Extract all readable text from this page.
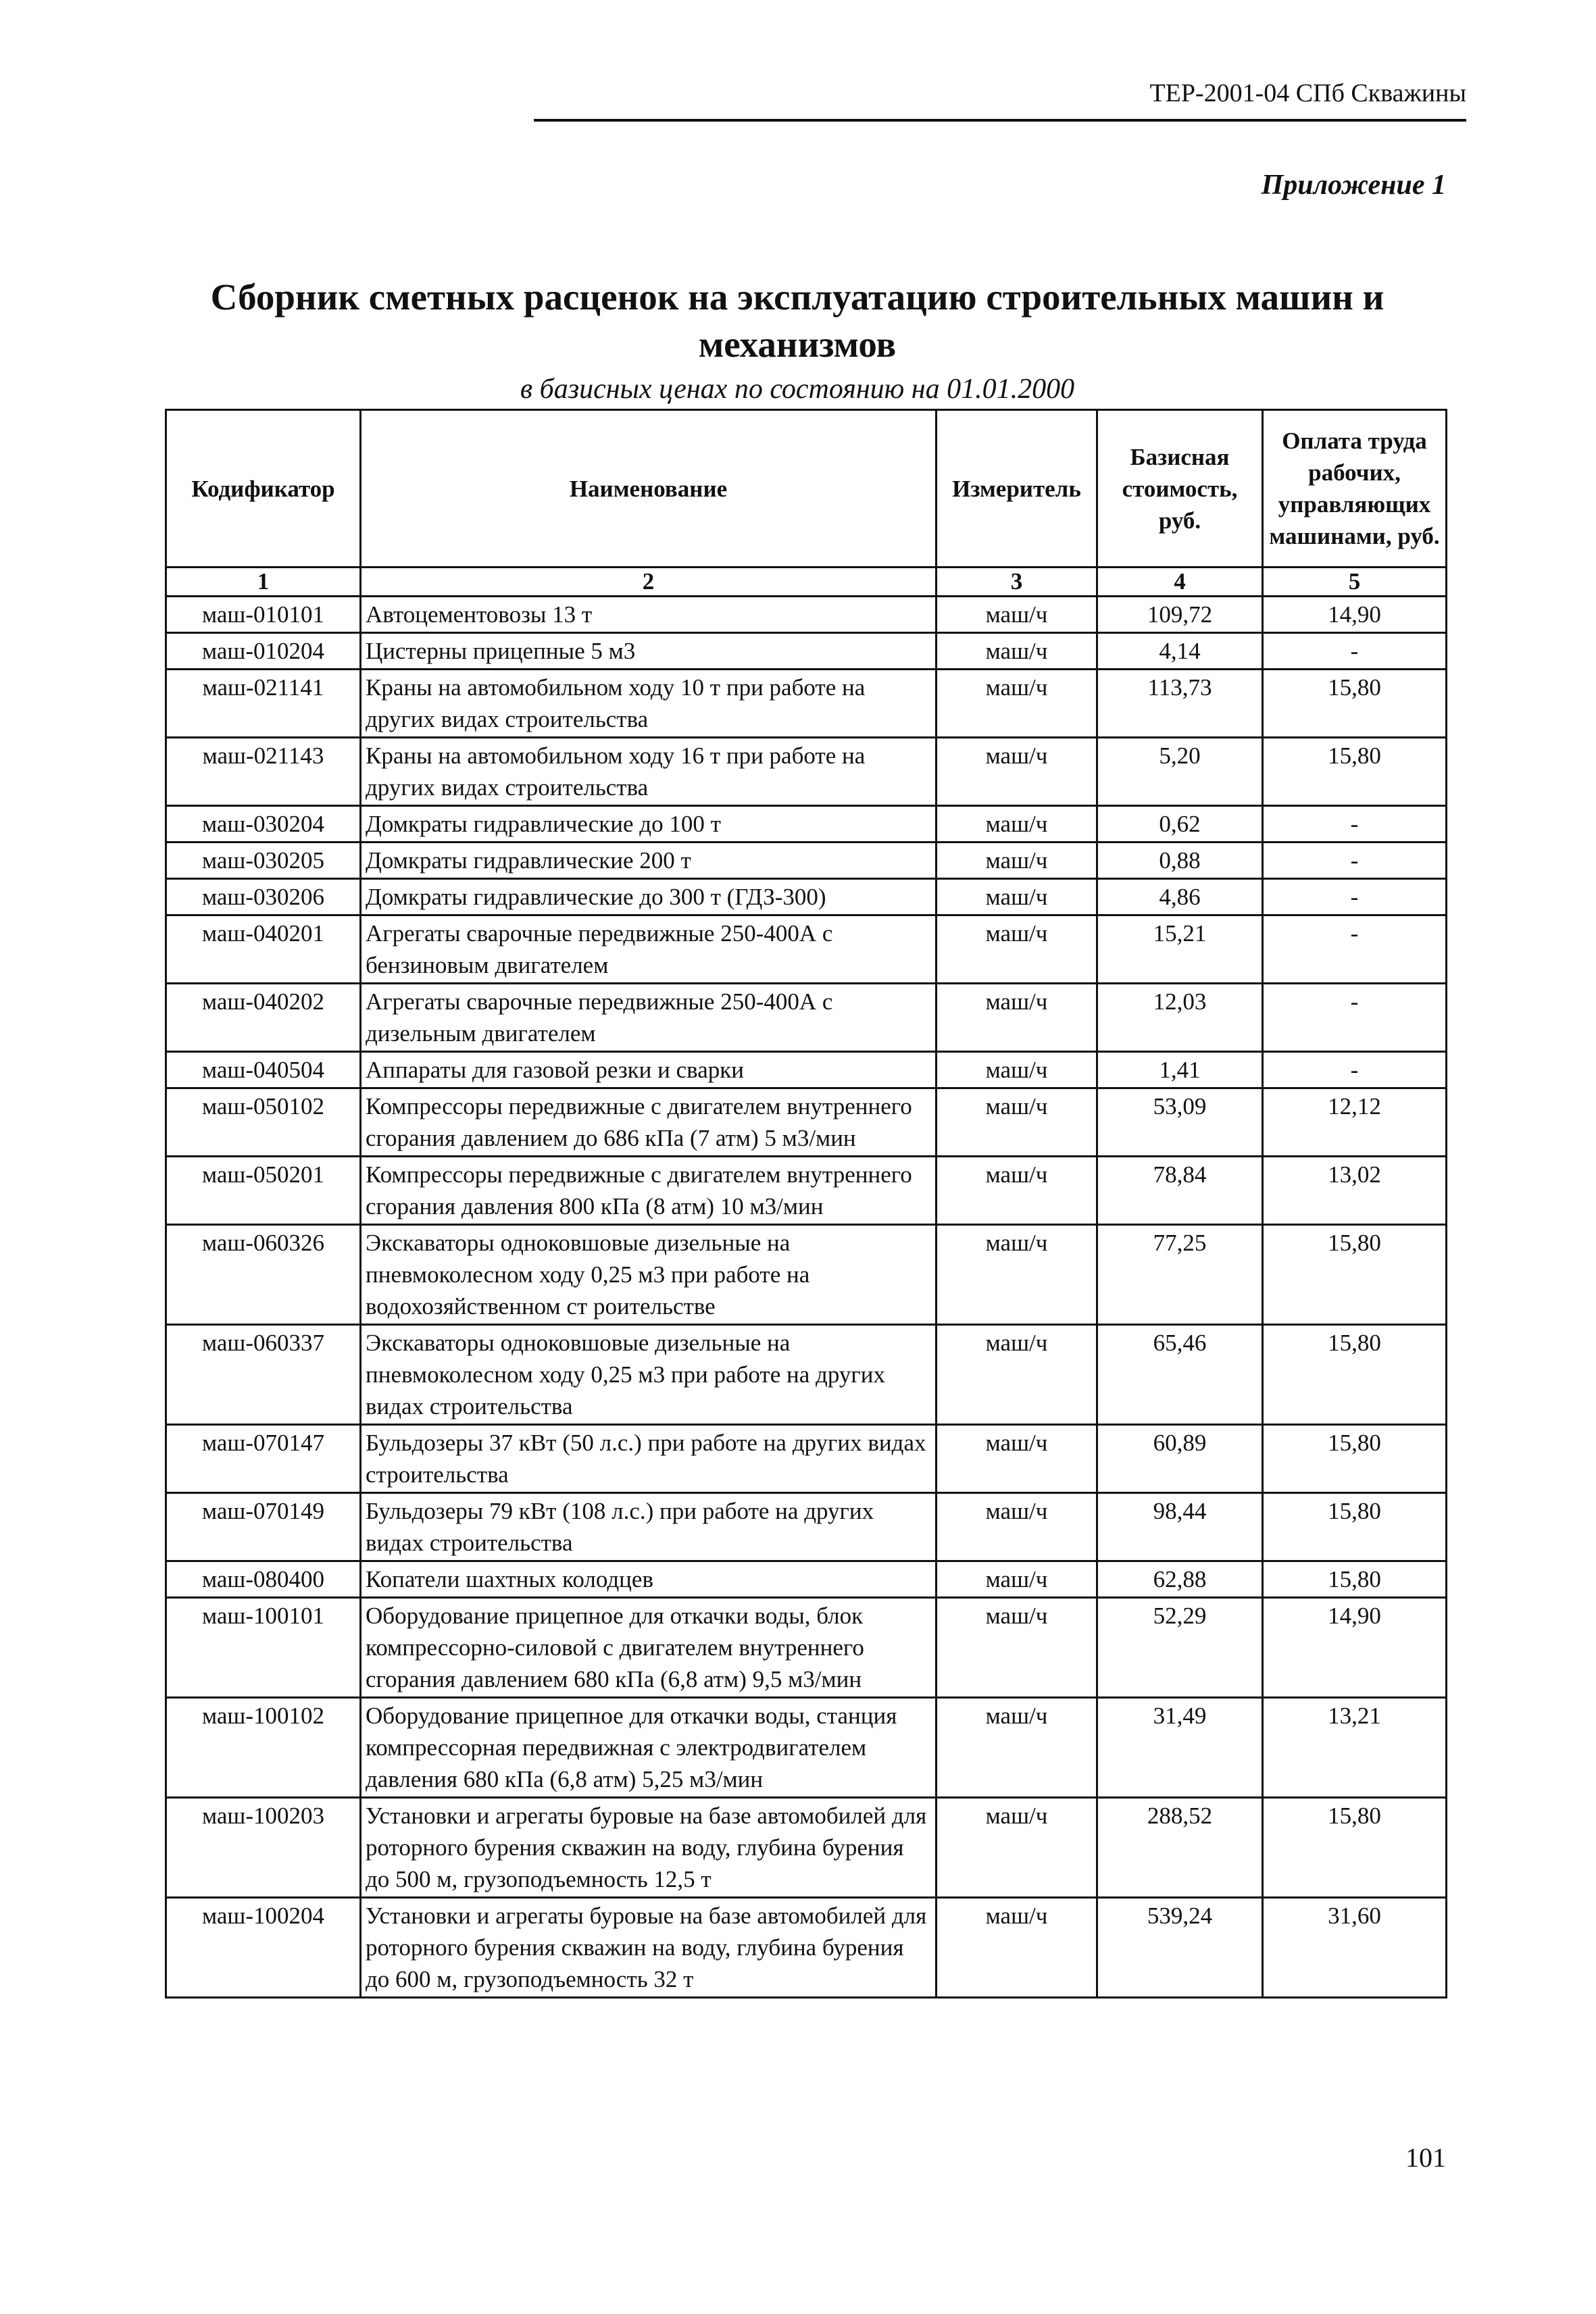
ТЕР-2001-04 СПб Скважины
Приложение 1
Сборник сметных расценок на эксплуатацию строительных машин и механизмов
в базисных ценах по состоянию на 01.01.2000
Кодификатор	Наименование	Измеритель	Базисная стоимость, руб.	Оплата труда рабочих, управляющих машинами, руб.
1	2	3	4	5
маш-010101	Автоцементовозы 13 т	маш/ч	109,72	14,90
маш-010204	Цистерны прицепные 5 м3	маш/ч	4,14	-
маш-021141	Краны на автомобильном ходу 10 т при работе на других видах строительства	маш/ч	113,73	15,80
маш-021143	Краны на автомобильном ходу 16 т при работе на других видах строительства	маш/ч	5,20	15,80
маш-030204	Домкраты гидравлические до 100 т	маш/ч	0,62	-
маш-030205	Домкраты гидравлические 200 т	маш/ч	0,88	-
маш-030206	Домкраты гидравлические до 300 т (ГДЗ-300)	маш/ч	4,86	-
маш-040201	Агрегаты сварочные передвижные 250-400А с бензиновым двигателем	маш/ч	15,21	-
маш-040202	Агрегаты сварочные передвижные 250-400А с дизельным двигателем	маш/ч	12,03	-
маш-040504	Аппараты для газовой резки и сварки	маш/ч	1,41	-
маш-050102	Компрессоры передвижные с двигателем внутреннего сгорания давлением до 686 кПа (7 атм) 5 м3/мин	маш/ч	53,09	12,12
маш-050201	Компрессоры передвижные с двигателем внутреннего сгорания давления 800 кПа (8 атм) 10 м3/мин	маш/ч	78,84	13,02
маш-060326	Экскаваторы одноковшовые дизельные на пневмоколесном ходу 0,25 м3 при работе на водохозяйственном ст роительстве	маш/ч	77,25	15,80
маш-060337	Экскаваторы одноковшовые дизельные на пневмоколесном ходу 0,25 м3 при работе на других видах строительства	маш/ч	65,46	15,80
маш-070147	Бульдозеры 37 кВт (50 л.с.) при работе на других видах строительства	маш/ч	60,89	15,80
маш-070149	Бульдозеры 79 кВт (108 л.с.) при работе на других видах строительства	маш/ч	98,44	15,80
маш-080400	Копатели шахтных колодцев	маш/ч	62,88	15,80
маш-100101	Оборудование прицепное для откачки воды, блок компрессорно-силовой с двигателем внутреннего сгорания давлением 680 кПа (6,8 атм) 9,5 м3/мин	маш/ч	52,29	14,90
маш-100102	Оборудование прицепное для откачки воды, станция компрессорная передвижная с электродвигателем давления 680 кПа (6,8 атм) 5,25 м3/мин	маш/ч	31,49	13,21
маш-100203	Установки и агрегаты буровые на базе автомобилей для роторного бурения скважин на воду, глубина бурения до 500 м, грузоподъемность 12,5 т	маш/ч	288,52	15,80
маш-100204	Установки и агрегаты буровые на базе автомобилей для роторного бурения скважин на воду, глубина бурения до 600 м, грузоподъемность 32 т	маш/ч	539,24	31,60
101
